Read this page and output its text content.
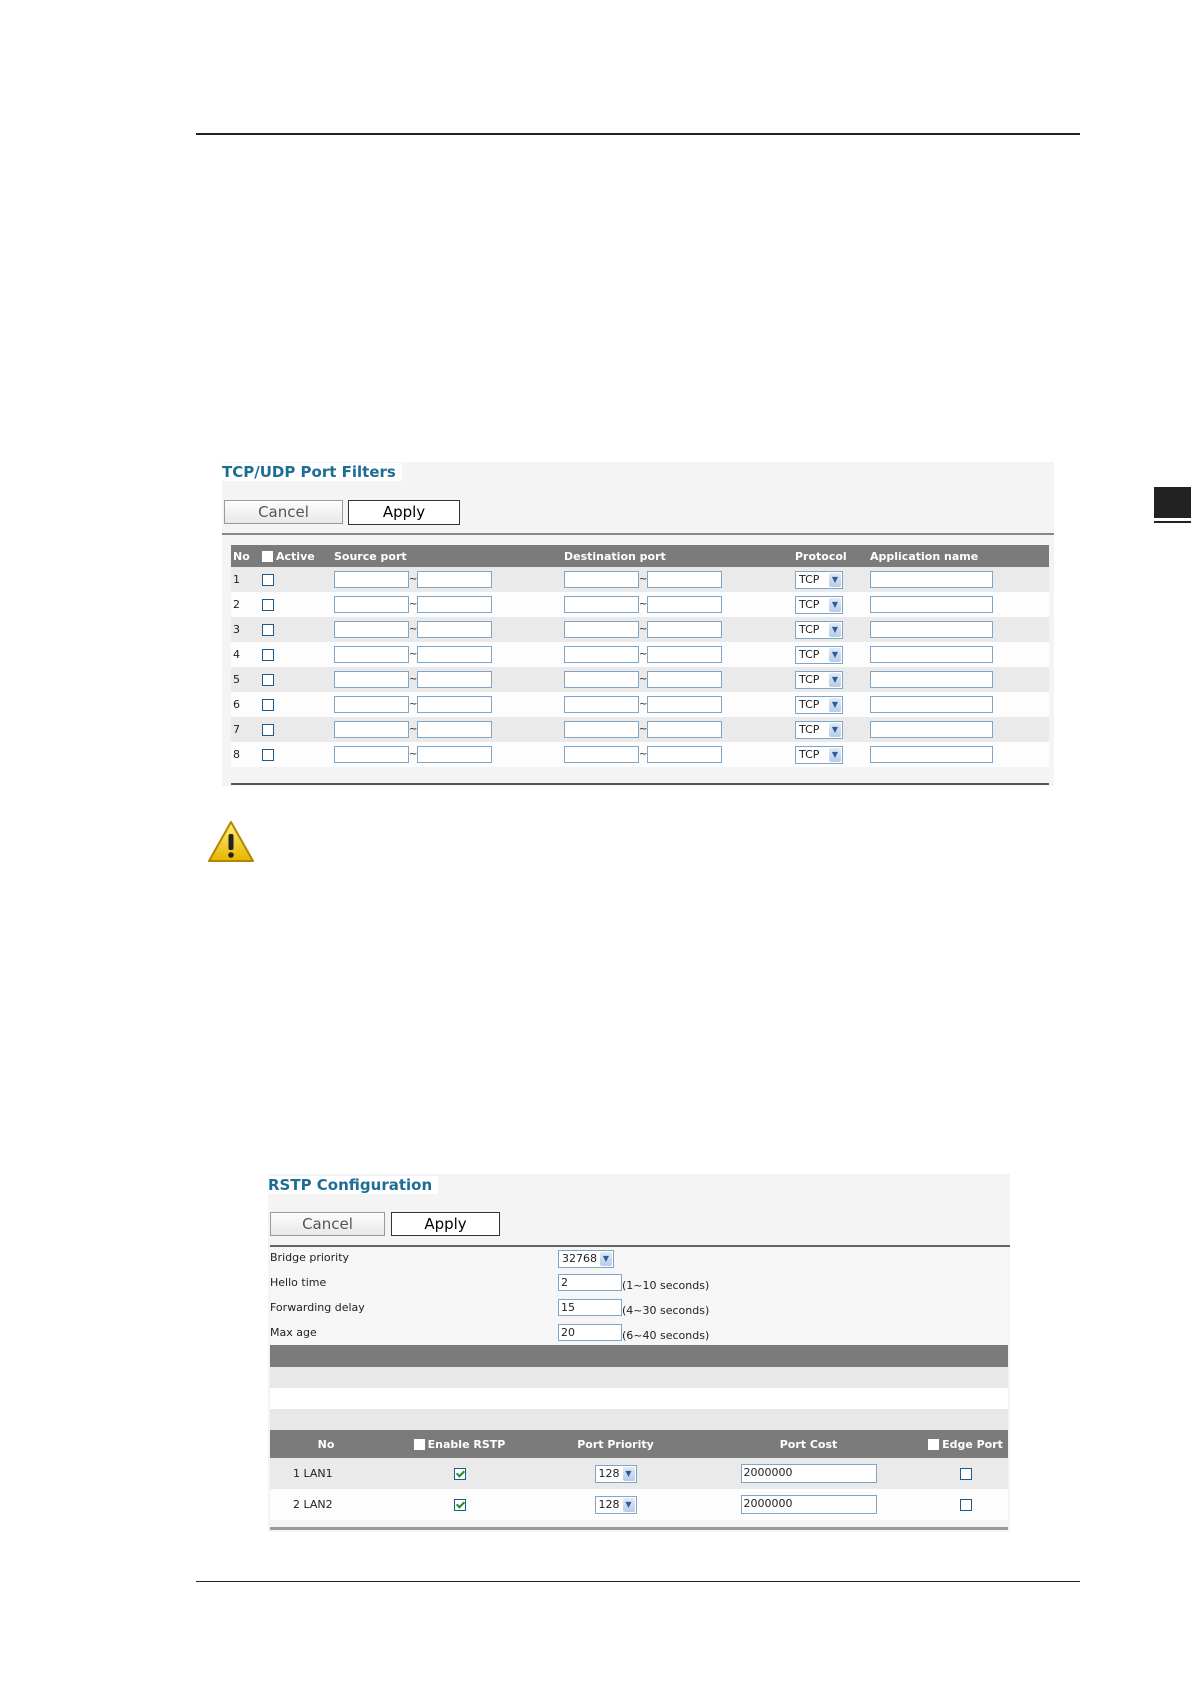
TCP/UDP Port Filters
Cancel	Apply
No	Active	Source port	Destination port	Protocol	Application name
1		~	~	TCP ▼	

2		~	~	TCP ▼	

3		~	~	TCP ▼	

4		~	~	TCP ▼	

5		~	~	TCP ▼	

6		~	~	TCP ▼	

7		~	~	TCP ▼	

8		~	~	TCP ▼	

RSTP Configuration
Cancel	Apply
Bridge priority	32768 ▼
Hello time	2	(1~10 seconds)
Forwarding delay	15	(4~30 seconds)
Max age	20	(6~40 seconds)
No	Enable RSTP	Port Priority	Port Cost	Edge Port
1 LAN1		128 ▼	2000000	
2 LAN2		128 ▼	2000000	
